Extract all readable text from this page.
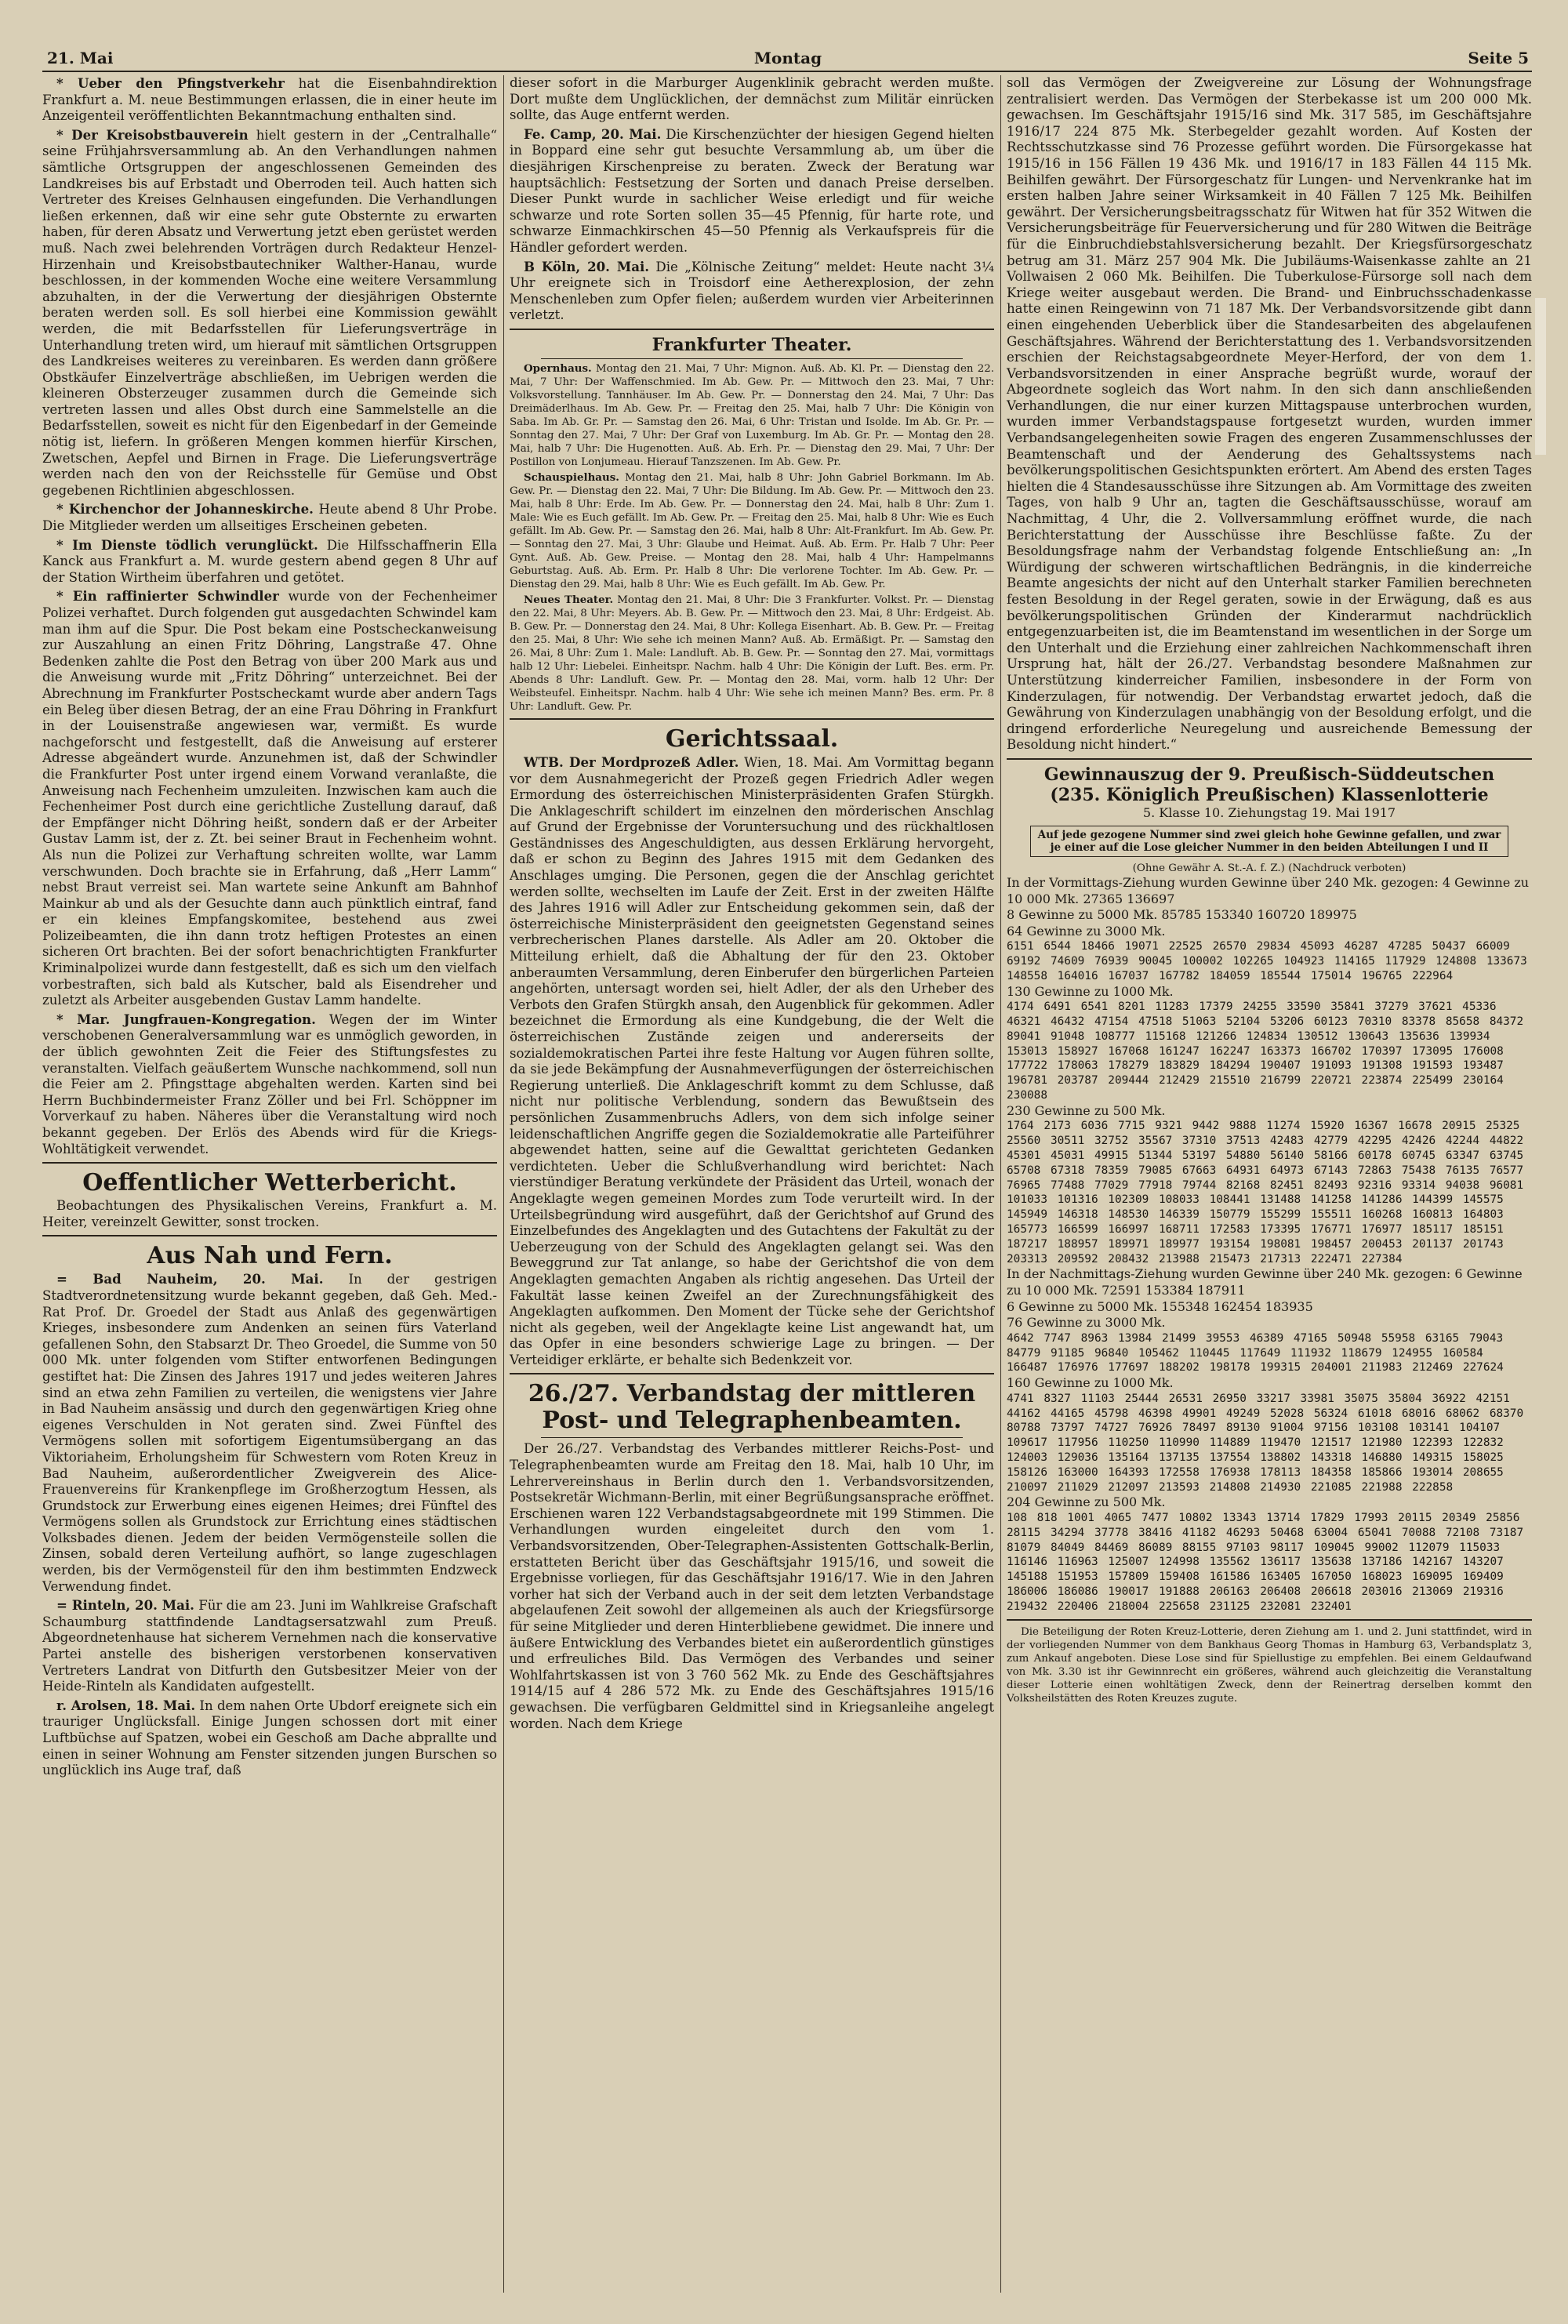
21. Mai	Montag	Seite 5

* Ueber den Pfingstverkehr hat die Eisenbahndirektion Frankfurt a. M. neue Bestimmungen erlassen, die in einer heute im Anzeigenteil veröffentlichten Bekanntmachung enthalten sind.

* Der Kreisobstbauverein hielt gestern in der „Centralhalle“ seine Frühjahrsversammlung ab. An den Verhandlungen nahmen sämtliche Ortsgruppen der angeschlossenen Gemeinden des Landkreises bis auf Erbstadt und Oberroden teil. Auch hatten sich Vertreter des Kreises Gelnhausen eingefunden. Die Verhandlungen ließen erkennen, daß wir eine sehr gute Obsternte zu erwarten haben, für deren Absatz und Verwertung jetzt eben gerüstet werden muß. Nach zwei belehrenden Vorträgen durch Redakteur Henzel-Hirzenhain und Kreisobstbautechniker Walther-Hanau, wurde beschlossen, in der kommenden Woche eine weitere Versammlung abzuhalten, in der die Verwertung der diesjährigen Obsternte beraten werden soll. Es soll hierbei eine Kommission gewählt werden, die mit Bedarfsstellen für Lieferungsverträge in Unterhandlung treten wird, um hierauf mit sämtlichen Ortsgruppen des Landkreises weiteres zu vereinbaren. Es werden dann größere Obstkäufer Einzelverträge abschließen, im Uebrigen werden die kleineren Obsterzeuger zusammen durch die Gemeinde sich vertreten lassen und alles Obst durch eine Sammelstelle an die Bedarfsstellen, soweit es nicht für den Eigenbedarf in der Gemeinde nötig ist, liefern. In größeren Mengen kommen hierfür Kirschen, Zwetschen, Aepfel und Birnen in Frage. Die Lieferungsverträge werden nach den von der Reichsstelle für Gemüse und Obst gegebenen Richtlinien abgeschlossen.

* Kirchenchor der Johanneskirche. Heute abend 8 Uhr Probe. Die Mitglieder werden um allseitiges Erscheinen gebeten.

* Im Dienste tödlich verunglückt. Die Hilfsschaffnerin Ella Kanck aus Frankfurt a. M. wurde gestern abend gegen 8 Uhr auf der Station Wirtheim überfahren und getötet.

* Ein raffinierter Schwindler wurde von der Fechenheimer Polizei verhaftet. Durch folgenden gut ausgedachten Schwindel kam man ihm auf die Spur. Die Post bekam eine Postscheckanweisung zur Auszahlung an einen Fritz Döhring, Langstraße 47. Ohne Bedenken zahlte die Post den Betrag von über 200 Mark aus und die Anweisung wurde mit „Fritz Döhring“ unterzeichnet. Bei der Abrechnung im Frankfurter Postscheckamt wurde aber andern Tags ein Beleg über diesen Betrag, der an eine Frau Döhring in Frankfurt in der Louisenstraße angewiesen war, vermißt. Es wurde nachgeforscht und festgestellt, daß die Anweisung auf ersterer Adresse abgeändert wurde. Anzunehmen ist, daß der Schwindler die Frankfurter Post unter irgend einem Vorwand veranlaßte, die Anweisung nach Fechenheim umzuleiten. Inzwischen kam auch die Fechenheimer Post durch eine gerichtliche Zustellung darauf, daß der Empfänger nicht Döhring heißt, sondern daß er der Arbeiter Gustav Lamm ist, der z. Zt. bei seiner Braut in Fechenheim wohnt. Als nun die Polizei zur Verhaftung schreiten wollte, war Lamm verschwunden. Doch brachte sie in Erfahrung, daß „Herr Lamm“ nebst Braut verreist sei. Man wartete seine Ankunft am Bahnhof Mainkur ab und als der Gesuchte dann auch pünktlich eintraf, fand er ein kleines Empfangskomitee, bestehend aus zwei Polizeibeamten, die ihn dann trotz heftigen Protestes an einen sicheren Ort brachten. Bei der sofort benachrichtigten Frankfurter Kriminalpolizei wurde dann festgestellt, daß es sich um den vielfach vorbestraften, sich bald als Kutscher, bald als Eisendreher und zuletzt als Arbeiter ausgebenden Gustav Lamm handelte.

* Mar. Jungfrauen-Kongregation. Wegen der im Winter verschobenen Generalversammlung war es unmöglich geworden, in der üblich gewohnten Zeit die Feier des Stiftungsfestes zu veranstalten. Vielfach geäußertem Wunsche nachkommend, soll nun die Feier am 2. Pfingsttage abgehalten werden. Karten sind bei Herrn Buchbindermeister Franz Zöller und bei Frl. Schöppner im Vorverkauf zu haben. Näheres über die Veranstaltung wird noch bekannt gegeben. Der Erlös des Abends wird für die Kriegs-Wohltätigkeit verwendet.

Oeffentlicher Wetterbericht.

Beobachtungen des Physikalischen Vereins, Frankfurt a. M. Heiter, vereinzelt Gewitter, sonst trocken.

Aus Nah und Fern.

= Bad Nauheim, 20. Mai. In der gestrigen Stadtverordnetensitzung wurde bekannt gegeben, daß Geh. Med.-Rat Prof. Dr. Groedel der Stadt aus Anlaß des gegenwärtigen Krieges, insbesondere zum Andenken an seinen fürs Vaterland gefallenen Sohn, den Stabsarzt Dr. Theo Groedel, die Summe von 50 000 Mk. unter folgenden vom Stifter entworfenen Bedingungen gestiftet hat: Die Zinsen des Jahres 1917 und jedes weiteren Jahres sind an etwa zehn Familien zu verteilen, die wenigstens vier Jahre in Bad Nauheim ansässig und durch den gegenwärtigen Krieg ohne eigenes Verschulden in Not geraten sind. Zwei Fünftel des Vermögens sollen mit sofortigem Eigentumsübergang an das Viktoriaheim, Erholungsheim für Schwestern vom Roten Kreuz in Bad Nauheim, außerordentlicher Zweigverein des Alice-Frauenvereins für Krankenpflege im Großherzogtum Hessen, als Grundstock zur Erwerbung eines eigenen Heimes; drei Fünftel des Vermögens sollen als Grundstock zur Errichtung eines städtischen Volksbades dienen. Jedem der beiden Vermögensteile sollen die Zinsen, sobald deren Verteilung aufhört, so lange zugeschlagen werden, bis der Vermögensteil für den ihm bestimmten Endzweck Verwendung findet.

= Rinteln, 20. Mai. Für die am 23. Juni im Wahlkreise Grafschaft Schaumburg stattfindende Landtagsersatzwahl zum Preuß. Abgeordnetenhause hat sicherem Vernehmen nach die konservative Partei anstelle des bisherigen verstorbenen konservativen Vertreters Landrat von Ditfurth den Gutsbesitzer Meier von der Heide-Rinteln als Kandidaten aufgestellt.

r. Arolsen, 18. Mai. In dem nahen Orte Ubdorf ereignete sich ein trauriger Unglücksfall. Einige Jungen schossen dort mit einer Luftbüchse auf Spatzen, wobei ein Geschoß am Dache abprallte und einen in seiner Wohnung am Fenster sitzenden jungen Burschen so unglücklich ins Auge traf, daß

dieser sofort in die Marburger Augenklinik gebracht werden mußte. Dort mußte dem Unglücklichen, der demnächst zum Militär einrücken sollte, das Auge entfernt werden.

Fe. Camp, 20. Mai. Die Kirschenzüchter der hiesigen Gegend hielten in Boppard eine sehr gut besuchte Versammlung ab, um über die diesjährigen Kirschenpreise zu beraten. Zweck der Beratung war hauptsächlich: Festsetzung der Sorten und danach Preise derselben. Dieser Punkt wurde in sachlicher Weise erledigt und für weiche schwarze und rote Sorten sollen 35—45 Pfennig, für harte rote, und schwarze Einmachkirschen 45—50 Pfennig als Verkaufspreis für die Händler gefordert werden.

B Köln, 20. Mai. Die „Kölnische Zeitung“ meldet: Heute nacht 3¼ Uhr ereignete sich in Troisdorf eine Aetherexplosion, der zehn Menschenleben zum Opfer fielen; außerdem wurden vier Arbeiterinnen verletzt.

Frankfurter Theater.

Opernhaus. Montag den 21. Mai, 7 Uhr: Mignon. Auß. Ab. Kl. Pr. — Dienstag den 22. Mai, 7 Uhr: Der Waffenschmied. Im Ab. Gew. Pr. — Mittwoch den 23. Mai, 7 Uhr: Volksvorstellung. Tannhäuser. Im Ab. Gew. Pr. — Donnerstag den 24. Mai, 7 Uhr: Das Dreimäderlhaus. Im Ab. Gew. Pr. — Freitag den 25. Mai, halb 7 Uhr: Die Königin von Saba. Im Ab. Gr. Pr. — Samstag den 26. Mai, 6 Uhr: Tristan und Isolde. Im Ab. Gr. Pr. — Sonntag den 27. Mai, 7 Uhr: Der Graf von Luxemburg. Im Ab. Gr. Pr. — Montag den 28. Mai, halb 7 Uhr: Die Hugenotten. Auß. Ab. Erh. Pr. — Dienstag den 29. Mai, 7 Uhr: Der Postillon von Lonjumeau. Hierauf Tanzszenen. Im Ab. Gew. Pr.

Schauspielhaus. Montag den 21. Mai, halb 8 Uhr: John Gabriel Borkmann. Im Ab. Gew. Pr. — Dienstag den 22. Mai, 7 Uhr: Die Bildung. Im Ab. Gew. Pr. — Mittwoch den 23. Mai, halb 8 Uhr: Erde. Im Ab. Gew. Pr. — Donnerstag den 24. Mai, halb 8 Uhr: Zum 1. Male: Wie es Euch gefällt. Im Ab. Gew. Pr. — Freitag den 25. Mai, halb 8 Uhr: Wie es Euch gefällt. Im Ab. Gew. Pr. — Samstag den 26. Mai, halb 8 Uhr: Alt-Frankfurt. Im Ab. Gew. Pr. — Sonntag den 27. Mai, 3 Uhr: Glaube und Heimat. Auß. Ab. Erm. Pr. Halb 7 Uhr: Peer Gynt. Auß. Ab. Gew. Preise. — Montag den 28. Mai, halb 4 Uhr: Hampelmanns Geburtstag. Auß. Ab. Erm. Pr. Halb 8 Uhr: Die verlorene Tochter. Im Ab. Gew. Pr. — Dienstag den 29. Mai, halb 8 Uhr: Wie es Euch gefällt. Im Ab. Gew. Pr.

Neues Theater. Montag den 21. Mai, 8 Uhr: Die 3 Frankfurter. Volkst. Pr. — Dienstag den 22. Mai, 8 Uhr: Meyers. Ab. B. Gew. Pr. — Mittwoch den 23. Mai, 8 Uhr: Erdgeist. Ab. B. Gew. Pr. — Donnerstag den 24. Mai, 8 Uhr: Kollega Eisenhart. Ab. B. Gew. Pr. — Freitag den 25. Mai, 8 Uhr: Wie sehe ich meinen Mann? Auß. Ab. Ermäßigt. Pr. — Samstag den 26. Mai, 8 Uhr: Zum 1. Male: Landluft. Ab. B. Gew. Pr. — Sonntag den 27. Mai, vormittags halb 12 Uhr: Liebelei. Einheitspr. Nachm. halb 4 Uhr: Die Königin der Luft. Bes. erm. Pr. Abends 8 Uhr: Landluft. Gew. Pr. — Montag den 28. Mai, vorm. halb 12 Uhr: Der Weibsteufel. Einheitspr. Nachm. halb 4 Uhr: Wie sehe ich meinen Mann? Bes. erm. Pr. 8 Uhr: Landluft. Gew. Pr.

Gerichtssaal.

WTB. Der Mordprozeß Adler. Wien, 18. Mai. Am Vormittag begann vor dem Ausnahmegericht der Prozeß gegen Friedrich Adler wegen Ermordung des österreichischen Ministerpräsidenten Grafen Stürgkh. Die Anklageschrift schildert im einzelnen den mörderischen Anschlag auf Grund der Ergebnisse der Voruntersuchung und des rückhaltlosen Geständnisses des Angeschuldigten, aus dessen Erklärung hervorgeht, daß er schon zu Beginn des Jahres 1915 mit dem Gedanken des Anschlages umging. Die Personen, gegen die der Anschlag gerichtet werden sollte, wechselten im Laufe der Zeit. Erst in der zweiten Hälfte des Jahres 1916 will Adler zur Entscheidung gekommen sein, daß der österreichische Ministerpräsident den geeignetsten Gegenstand seines verbrecherischen Planes darstelle. Als Adler am 20. Oktober die Mitteilung erhielt, daß die Abhaltung der für den 23. Oktober anberaumten Versammlung, deren Einberufer den bürgerlichen Parteien angehörten, untersagt worden sei, hielt Adler, der als den Urheber des Verbots den Grafen Stürgkh ansah, den Augenblick für gekommen. Adler bezeichnet die Ermordung als eine Kundgebung, die der Welt die österreichischen Zustände zeigen und andererseits der sozialdemokratischen Partei ihre feste Haltung vor Augen führen sollte, da sie jede Bekämpfung der Ausnahmeverfügungen der österreichischen Regierung unterließ. Die Anklageschrift kommt zu dem Schlusse, daß nicht nur politische Verblendung, sondern das Bewußtsein des persönlichen Zusammenbruchs Adlers, von dem sich infolge seiner leidenschaftlichen Angriffe gegen die Sozialdemokratie alle Parteiführer abgewendet hatten, seine auf die Gewalttat gerichteten Gedanken verdichteten. Ueber die Schlußverhandlung wird berichtet: Nach vierstündiger Beratung verkündete der Präsident das Urteil, wonach der Angeklagte wegen gemeinen Mordes zum Tode verurteilt wird. In der Urteilsbegründung wird ausgeführt, daß der Gerichtshof auf Grund des Einzelbefundes des Angeklagten und des Gutachtens der Fakultät zu der Ueberzeugung von der Schuld des Angeklagten gelangt sei. Was den Beweggrund zur Tat anlange, so habe der Gerichtshof die von dem Angeklagten gemachten Angaben als richtig angesehen. Das Urteil der Fakultät lasse keinen Zweifel an der Zurechnungsfähigkeit des Angeklagten aufkommen. Den Moment der Tücke sehe der Gerichtshof nicht als gegeben, weil der Angeklagte keine List angewandt hat, um das Opfer in eine besonders schwierige Lage zu bringen. — Der Verteidiger erklärte, er behalte sich Bedenkzeit vor.

26./27. Verbandstag der mittleren Post- und Telegraphenbeamten.

Der 26./27. Verbandstag des Verbandes mittlerer Reichs-Post- und Telegraphenbeamten wurde am Freitag den 18. Mai, halb 10 Uhr, im Lehrervereinshaus in Berlin durch den 1. Verbandsvorsitzenden, Postsekretär Wichmann-Berlin, mit einer Begrüßungsansprache eröffnet. Erschienen waren 122 Verbandstagsabgeordnete mit 199 Stimmen. Die Verhandlungen wurden eingeleitet durch den vom 1. Verbandsvorsitzenden, Ober-Telegraphen-Assistenten Gottschalk-Berlin, erstatteten Bericht über das Geschäftsjahr 1915/16, und soweit die Ergebnisse vorliegen, für das Geschäftsjahr 1916/17. Wie in den Jahren vorher hat sich der Verband auch in der seit dem letzten Verbandstage abgelaufenen Zeit sowohl der allgemeinen als auch der Kriegsfürsorge für seine Mitglieder und deren Hinterbliebene gewidmet. Die innere und äußere Entwicklung des Verbandes bietet ein außerordentlich günstiges und erfreuliches Bild. Das Vermögen des Verbandes und seiner Wohlfahrtskassen ist von 3 760 562 Mk. zu Ende des Geschäftsjahres 1914/15 auf 4 286 572 Mk. zu Ende des Geschäftsjahres 1915/16 gewachsen. Die verfügbaren Geldmittel sind in Kriegsanleihe angelegt worden. Nach dem Kriege

soll das Vermögen der Zweigvereine zur Lösung der Wohnungsfrage zentralisiert werden. Das Vermögen der Sterbekasse ist um 200 000 Mk. gewachsen. Im Geschäftsjahr 1915/16 sind Mk. 317 585, im Geschäftsjahre 1916/17 224 875 Mk. Sterbegelder gezahlt worden. Auf Kosten der Rechtsschutzkasse sind 76 Prozesse geführt worden. Die Fürsorgekasse hat 1915/16 in 156 Fällen 19 436 Mk. und 1916/17 in 183 Fällen 44 115 Mk. Beihilfen gewährt. Der Fürsorgeschatz für Lungen- und Nervenkranke hat im ersten halben Jahre seiner Wirksamkeit in 40 Fällen 7 125 Mk. Beihilfen gewährt. Der Versicherungsbeitragsschatz für Witwen hat für 352 Witwen die Versicherungsbeiträge für Feuerversicherung und für 280 Witwen die Beiträge für die Einbruchdiebstahlsversicherung bezahlt. Der Kriegsfürsorgeschatz betrug am 31. März 257 904 Mk. Die Jubiläums-Waisenkasse zahlte an 21 Vollwaisen 2 060 Mk. Beihilfen. Die Tuberkulose-Fürsorge soll nach dem Kriege weiter ausgebaut werden. Die Brand- und Einbruchsschadenkasse hatte einen Reingewinn von 71 187 Mk. Der Verbandsvorsitzende gibt dann einen eingehenden Ueberblick über die Standesarbeiten des abgelaufenen Geschäftsjahres. Während der Berichterstattung des 1. Verbandsvorsitzenden erschien der Reichstagsabgeordnete Meyer-Herford, der von dem 1. Verbandsvorsitzenden in einer Ansprache begrüßt wurde, worauf der Abgeordnete sogleich das Wort nahm. In den sich dann anschließenden Verhandlungen, die nur einer kurzen Mittagspause unterbrochen wurden, wurden immer Verbandstagspause fortgesetzt wurden, wurden immer Verbandsangelegenheiten sowie Fragen des engeren Zusammenschlusses der Beamtenschaft und der Aenderung des Gehaltssystems nach bevölkerungspolitischen Gesichtspunkten erörtert. Am Abend des ersten Tages hielten die 4 Standesausschüsse ihre Sitzungen ab. Am Vormittage des zweiten Tages, von halb 9 Uhr an, tagten die Geschäftsausschüsse, worauf am Nachmittag, 4 Uhr, die 2. Vollversammlung eröffnet wurde, die nach Berichterstattung der Ausschüsse ihre Beschlüsse faßte. Zu der Besoldungsfrage nahm der Verbandstag folgende Entschließung an: „In Würdigung der schweren wirtschaftlichen Bedrängnis, in die kinderreiche Beamte angesichts der nicht auf den Unterhalt starker Familien berechneten festen Besoldung in der Regel geraten, sowie in der Erwägung, daß es aus bevölkerungspolitischen Gründen der Kinderarmut nachdrücklich entgegenzuarbeiten ist, die im Beamtenstand im wesentlichen in der Sorge um den Unterhalt und die Erziehung einer zahlreichen Nachkommenschaft ihren Ursprung hat, hält der 26./27. Verbandstag besondere Maßnahmen zur Unterstützung kinderreicher Familien, insbesondere in der Form von Kinderzulagen, für notwendig. Der Verbandstag erwartet jedoch, daß die Gewährung von Kinderzulagen unabhängig von der Besoldung erfolgt, und die dringend erforderliche Neuregelung und ausreichende Bemessung der Besoldung nicht hindert.“

Gewinnauszug der 9. Preußisch-Süddeutschen
(235. Königlich Preußischen) Klassenlotterie
5. Klasse 10. Ziehungstag 19. Mai 1917
Auf jede gezogene Nummer sind zwei gleich hohe Gewinne gefallen, und zwar je einer auf die Lose gleicher Nummer in den beiden Abteilungen I und II
(Ohne Gewähr A. St.-A. f. Z.) (Nachdruck verboten)
In der Vormittags-Ziehung wurden Gewinne über 240 Mk. gezogen: 4 Gewinne zu 10 000 Mk. 27365 136697
8 Gewinne zu 5000 Mk. 85785 153340 160720 189975
64 Gewinne zu 3000 Mk.
6151 6544 18466 19071 22525 26570 29834 45093 46287 47285 50437 66009 69192 74609 76939 90045 100002 102265 104923 114165 117929 124808 133673 148558 164016 167037 167782 184059 185544 175014 196765 222964
130 Gewinne zu 1000 Mk.
4174 6491 6541 8201 11283 17379 24255 33590 35841 37279 37621 45336 46321 46432 47154 47518 51063 52104 53206 60123 70310 83378 85658 84372 89041 91048 108777 115168 121266 124834 130512 130643 135636 139934 153013 158927 167068 161247 162247 163373 166702 170397 173095 176008 177722 178063 178279 183829 184294 190407 191093 191308 191593 193487 196781 203787 209444 212429 215510 216799 220721 223874 225499 230164 230088
230 Gewinne zu 500 Mk.
1764 2173 6036 7715 9321 9442 9888 11274 15920 16367 16678 20915 25325 25560 30511 32752 35567 37310 37513 42483 42779 42295 42426 42244 44822 45301 45031 49915 51344 53197 54880 56140 58166 60178 60745 63347 63745 65708 67318 78359 79085 67663 64931 64973 67143 72863 75438 76135 76577 76965 77488 77029 77918 79744 82168 82451 82493 92316 93314 94038 96081 101033 101316 102309 108033 108441 131488 141258 141286 144399 145575 145949 146318 148530 146339 150779 155299 155511 160268 160813 164803 165773 166599 166997 168711 172583 173395 176771 176977 185117 185151 187217 188957 189971 189977 193154 198081 198457 200453 201137 201743 203313 209592 208432 213988 215473 217313 222471 227384
In der Nachmittags-Ziehung wurden Gewinne über 240 Mk. gezogen: 6 Gewinne zu 10 000 Mk. 72591 153384 187911
6 Gewinne zu 5000 Mk. 155348 162454 183935
76 Gewinne zu 3000 Mk.
4642 7747 8963 13984 21499 39553 46389 47165 50948 55958 63165 79043 84779 91185 96840 105462 110445 117649 111932 118679 124955 160584 166487 176976 177697 188202 198178 199315 204001 211983 212469 227624
160 Gewinne zu 1000 Mk.
4741 8327 11103 25444 26531 26950 33217 33981 35075 35804 36922 42151 44162 44165 45798 46398 49901 49249 52028 56324 61018 68016 68062 68370 80788 73797 74727 76926 78497 89130 91004 97156 103108 103141 104107 109617 117956 110250 110990 114889 119470 121517 121980 122393 122832 124003 129036 135164 137135 137554 138802 143318 146880 149315 158025 158126 163000 164393 172558 176938 178113 184358 185866 193014 208655 210097 211029 212097 213593 214808 214930 221085 221988 222858
204 Gewinne zu 500 Mk.
108 818 1001 4065 7477 10802 13343 13714 17829 17993 20115 20349 25856 28115 34294 37778 38416 41182 46293 50468 63004 65041 70088 72108 73187 81079 84049 84469 86089 88155 97103 98117 109045 99002 112079 115033 116146 116963 125007 124998 135562 136117 135638 137186 142167 143207 145188 151953 157809 159408 161586 163405 167050 168023 169095 169409 186006 186086 190017 191888 206163 206408 206618 203016 213069 219316 219432 220406 218004 225658 231125 232081 232401

Die Beteiligung der Roten Kreuz-Lotterie, deren Ziehung am 1. und 2. Juni stattfindet, wird in der vorliegenden Nummer von dem Bankhaus Georg Thomas in Hamburg 63, Verbandsplatz 3, zum Ankauf angeboten. Diese Lose sind für Spiellustige zu empfehlen. Bei einem Geldaufwand von Mk. 3.30 ist ihr Gewinnrecht ein größeres, während auch gleichzeitig die Veranstaltung dieser Lotterie einen wohltätigen Zweck, denn der Reinertrag derselben kommt den Volksheilstätten des Roten Kreuzes zugute.
